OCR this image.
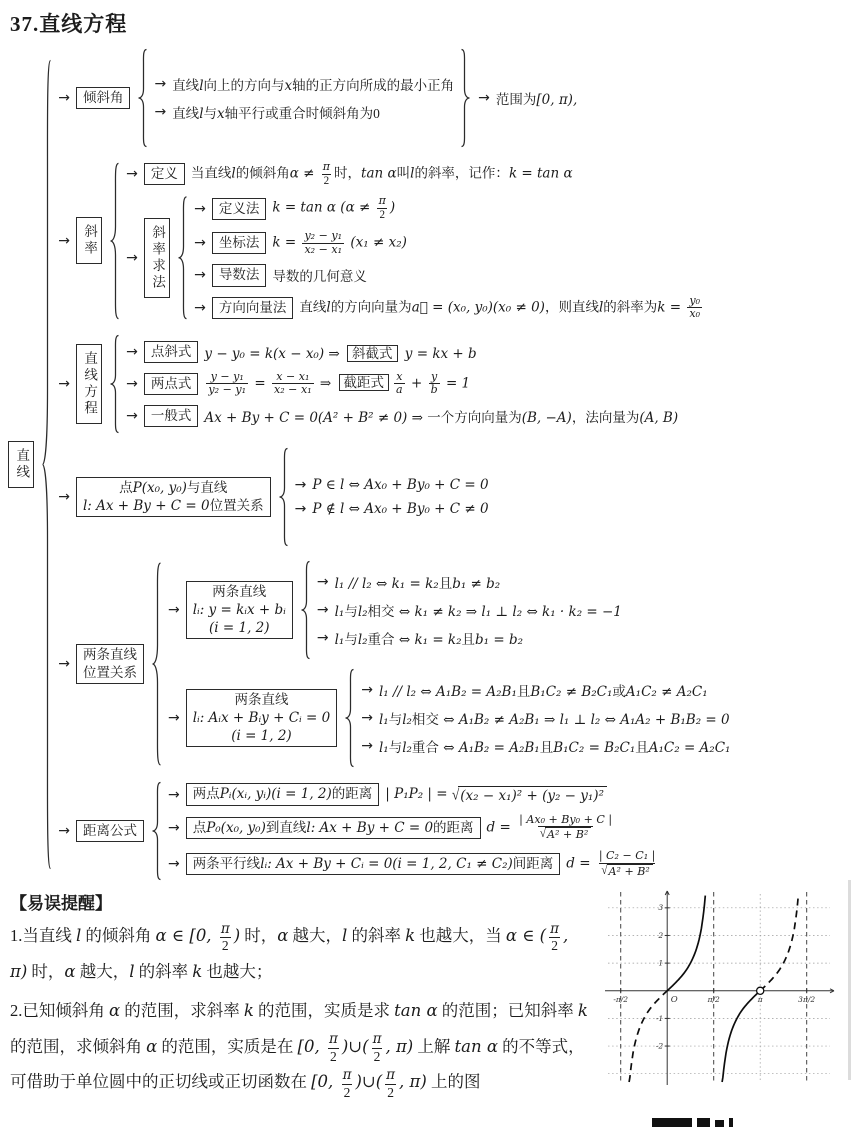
37.直线方程
直线
→ 倾斜角
→ 直线l向上的方向与x轴的正方向所成的最小正角
→ 直线l与x轴平行或重合时倾斜角为0
→ 范围为[0, π),
→ 斜率
→ 定义 当直线l的倾斜角$\alpha \ne \frac{\pi}{2}$ 时，tan α叫l的斜率，记作：k = tan α
→ 斜率求法
→ 定义法 k = tan α ($\alpha \ne \frac{\pi}{2}$ )
→ 坐标法 $k = \frac{\text{y₂ − y₁}}{\text{x₂ − x₁}} (x_1 \ne x_2)$
→ 导数法 导数的几何意义
→ 方向向量法 直线l的方向向量为a⃗ = (x₀, y₀)(x₀ ≠ 0)，则直线l的斜率为$k = \frac{\text{y₀}}{\text{x₀}}$
→ 直线方程 → 点斜式 y − y₀ = k(x − x₀) ⇒ 斜截式 y = kx + b
→ 两点式 $\frac{\text{y − y₁}}{\text{y₂ − y₁}} = \frac{\text{x − x₁}}{\text{x₂ − x₁}}$ ⇒ 截距式 $\frac{x}{a} + \frac{y}{b} = 1$
→ 一般式 Ax + By + C = 0(A² + B² ≠ 0) ⇒ 一个方向向量为(B, −A)，法向量为(A, B)
→
点P(x₀, y₀)与直线
l: Ax + By + C = 0位置关系
→ P ∈ l ⇔ Ax₀ + By₀ + C = 0
→ P ∉ l ⇔ Ax₀ + By₀ + C ≠ 0
→
两条直线
位置关系
→
两条直线
lᵢ: y = kᵢx + bᵢ
(i = 1, 2)
→ l₁ // l₂ ⇔ k₁ = k₂且b₁ ≠ b₂
→ l₁与l₂相交 ⇔ k₁ ≠ k₂ ⇒ l₁ ⊥ l₂ ⇔ k₁ · k₂ = −1
→ l₁与l₂重合 ⇔ k₁ = k₂且b₁ = b₂
→
两条直线
lᵢ: Aᵢx + Bᵢy + Cᵢ = 0
(i = 1, 2)
→ l₁ // l₂ ⇔ A₁B₂ = A₂B₁且B₁C₂ ≠ B₂C₁或A₁C₂ ≠ A₂C₁
→ l₁与l₂相交 ⇔ A₁B₂ ≠ A₂B₁ ⇒ l₁ ⊥ l₂ ⇔ A₁A₂ + B₁B₂ = 0
→ l₁与l₂重合 ⇔ A₁B₂ = A₂B₁且B₁C₂ = B₂C₁且A₁C₂ = A₂C₁
→ 距离公式
→ 两点Pᵢ(xᵢ, yᵢ)(i = 1, 2)的距离 | P₁P₂ | = √ (x₂ − x₁)² + (y₂ − y₁)²
→ 点P₀(x₀, y₀)到直线l: Ax + By + C = 0的距离 $d = \frac{\text{| Ax₀ + By₀ + C |}}{\text{√ A² + B²}}$
→ 两条平行线lᵢ: Ax + By + Cᵢ = 0(i = 1, 2, C₁ ≠ C₂)间距离 $d = \frac{\text{| C₂ − C₁ |}}{\text{√ A² + B²}}$
3
2
1
-1
-2
-π/2	O	π/2	π	3π/2
【易误提醒】

1.当直线 l 的倾斜角 α ∈ [0, $\frac{\pi}{2}$ ) 时，α 越大，l 的斜率 k 也越大，当 α ∈ ( $\frac{\pi}{2}$ , π) 时，α 越大，l 的斜率 k 也越大；

2.已知倾斜角 α 的范围，求斜率 k 的范围，实质是求 tan α 的范围；已知斜率 k 的范围，求倾斜角 α 的范围，实质是在 [0, $\frac{\pi}{2}$ )∪( $\frac{\pi}{2}$ , π) 上解 tan α 的不等式，可借助于单位圆中的正切线或正切函数在 [0, $\frac{\pi}{2}$ )∪( $\frac{\pi}{2}$ , π) 上的图
